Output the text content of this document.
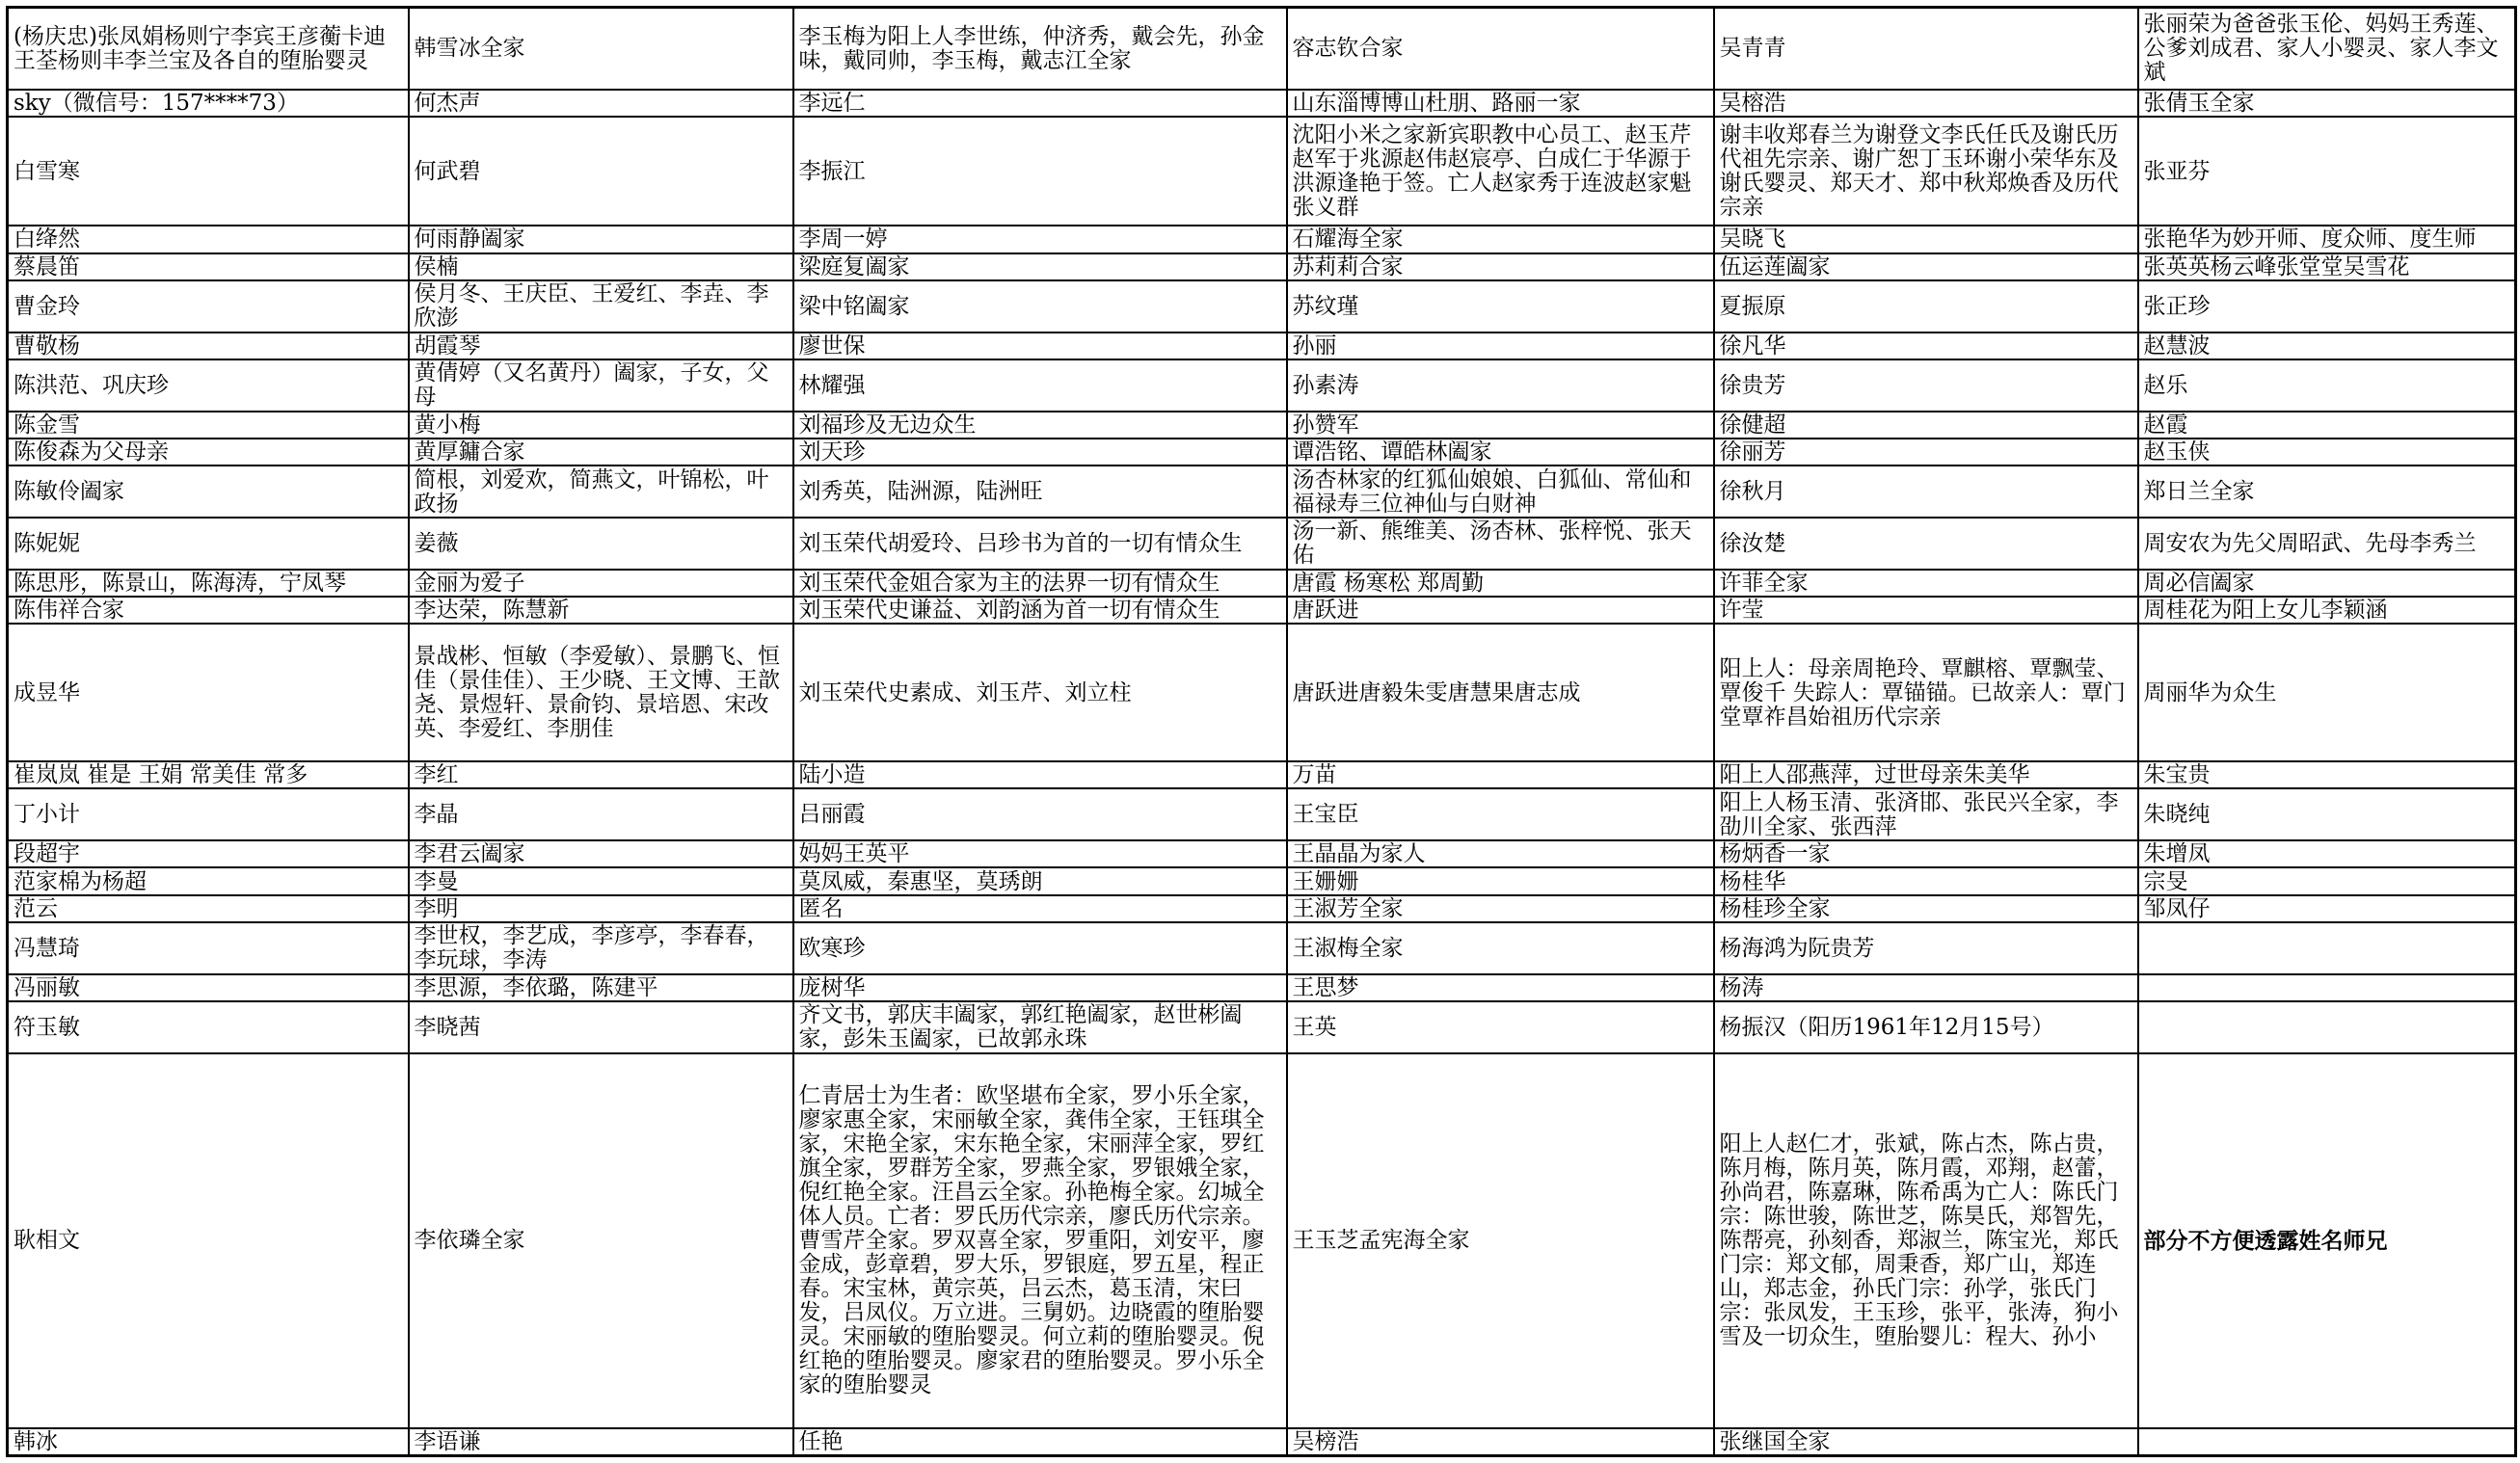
(杨庆忠)张凤娟杨则宁李宾王彦蘅卡迪王荃杨则丰李兰宝及各自的堕胎婴灵	韩雪冰全家	李玉梅为阳上人李世练，仲济秀，戴会先，孙金味，戴同帅，李玉梅，戴志江全家	容志钦合家	吴青青	张丽荣为爸爸张玉伦、妈妈王秀莲、公爹刘成君、家人小婴灵、家人李文斌
sky（微信号：157****73）	何杰声	李远仁	山东淄博博山杜朋、路丽一家	吴榕浩	张倩玉全家
白雪寒	何武碧	李振江	沈阳小米之家新宾职教中心员工、赵玉芹赵军于兆源赵伟赵宸亭、白成仁于华源于洪源逢艳于签。亡人赵家秀于连波赵家魁张义群	谢丰收郑春兰为谢登文李氏任氏及谢氏历代祖先宗亲、谢广恕丁玉环谢小荣华东及谢氏婴灵、郑天才、郑中秋郑焕香及历代宗亲	张亚芬
白绛然	何雨静阖家	李周一婷	石耀海全家	吴晓飞	张艳华为妙开师、度众师、度生师
蔡晨笛	侯楠	梁庭复阖家	苏莉莉合家	伍运莲阖家	张英英杨云峰张堂堂吴雪花
曹金玲	侯月冬、王庆臣、王爱红、李垚、李欣澎	梁中铭阖家	苏纹瑾	夏振原	张正珍
曹敬杨	胡霞琴	廖世保	孙丽	徐凡华	赵慧波
陈洪范、巩庆珍	黄倩婷（又名黄丹）阖家，子女，父母	林耀强	孙素涛	徐贵芳	赵乐
陈金雪	黄小梅	刘福珍及无边众生	孙赞军	徐健超	赵霞
陈俊森为父母亲	黄厚鏞合家	刘天珍	谭浩铭、谭皓林阖家	徐丽芳	赵玉侠
陈敏伶阖家	简根，刘爱欢，简燕文，叶锦松，叶政扬	刘秀英，陆洲源，陆洲旺	汤杏林家的红狐仙娘娘、白狐仙、常仙和福禄寿三位神仙与白财神	徐秋月	郑日兰全家
陈妮妮	姜薇	刘玉荣代胡爱玲、吕珍书为首的一切有情众生	汤一新、熊维美、汤杏林、张梓悦、张天佑	徐汝楚	周安农为先父周昭武、先母李秀兰
陈思彤，陈景山，陈海涛，宁凤琴	金丽为爱子	刘玉荣代金姐合家为主的法界一切有情众生	唐霞 杨寒松 郑周勤	许菲全家	周必信阖家
陈伟祥合家	李达荣，陈慧新	刘玉荣代史谦益、刘韵涵为首一切有情众生	唐跃进	许莹	周桂花为阳上女儿李颖涵
成昱华	景战彬、恒敏（李爱敏）、景鹏飞、恒佳（景佳佳）、王少晓、王文博、王歆尧、景煜轩、景俞钧、景培恩、宋改英、李爱红、李朋佳	刘玉荣代史素成、刘玉芹、刘立柱	唐跃进唐毅朱雯唐慧果唐志成	阳上人：母亲周艳玲、覃麒榕、覃飘莹、覃俊千 失踪人：覃锚锚。已故亲人：覃门堂覃祚昌始祖历代宗亲	周丽华为众生
崔岚岚 崔是 王娟 常美佳 常多	李红	陆小造	万苗	阳上人邵燕萍，过世母亲朱美华	朱宝贵
丁小计	李晶	吕丽霞	王宝臣	阳上人杨玉清、张済邯、张民兴全家，李劭川全家、张西萍	朱晓纯
段超宇	李君云阖家	妈妈王英平	王晶晶为家人	杨炳香一家	朱增凤
范家棉为杨超	李曼	莫凤威，秦惠坚，莫琇朗	王姗姗	杨桂华	宗旻
范云	李明	匿名	王淑芳全家	杨桂珍全家	邹凤仔
冯慧琦	李世权，李艺成，李彦亭，李春春，李玩球，李涛	欧寒珍	王淑梅全家	杨海鸿为阮贵芳	
冯丽敏	李思源，李依璐，陈建平	庞树华	王思梦	杨涛	
符玉敏	李晓茜	齐文书，郭庆丰阖家，郭红艳阖家，赵世彬阖家，彭朱玉阖家，已故郭永珠	王英	杨振汉（阳历1961年12月15号）	
耿相文	李依璘全家	仁青居士为生者：欧坚堪布全家，罗小乐全家，廖家惠全家，宋丽敏全家，龚伟全家，王钰琪全家，宋艳全家，宋东艳全家，宋丽萍全家，罗红旗全家，罗群芳全家，罗燕全家，罗银娥全家，倪红艳全家。汪昌云全家。孙艳梅全家。幻城全体人员。亡者：罗氏历代宗亲，廖氏历代宗亲。曹雪芹全家。罗双喜全家，罗重阳，刘安平，廖金成，彭章碧，罗大乐，罗银庭，罗五星，程正春。宋宝林，黄宗英，吕云杰，葛玉清，宋曰发，吕凤仪。万立进。三舅奶。边晓霞的堕胎婴灵。宋丽敏的堕胎婴灵。何立莉的堕胎婴灵。倪红艳的堕胎婴灵。廖家君的堕胎婴灵。罗小乐全家的堕胎婴灵	王玉芝孟宪海全家	阳上人赵仁才，张斌，陈占杰，陈占贵，陈月梅，陈月英，陈月霞，邓翔，赵蕾，孙尚君，陈嘉琳，陈希禹为亡人：陈氏门宗：陈世骏，陈世芝，陈昊氏，郑智先，陈帮亮，孙刻香，郑淑兰，陈宝光，郑氏门宗：郑文郁，周秉香，郑广山，郑连山，郑志金，孙氏门宗：孙学，张氏门宗：张凤发，王玉珍，张平，张涛，狗小雪及一切众生，堕胎婴儿：程大、孙小	部分不方便透露姓名师兄
韩冰	李语谦	任艳	吴榜浩	张继国全家	
